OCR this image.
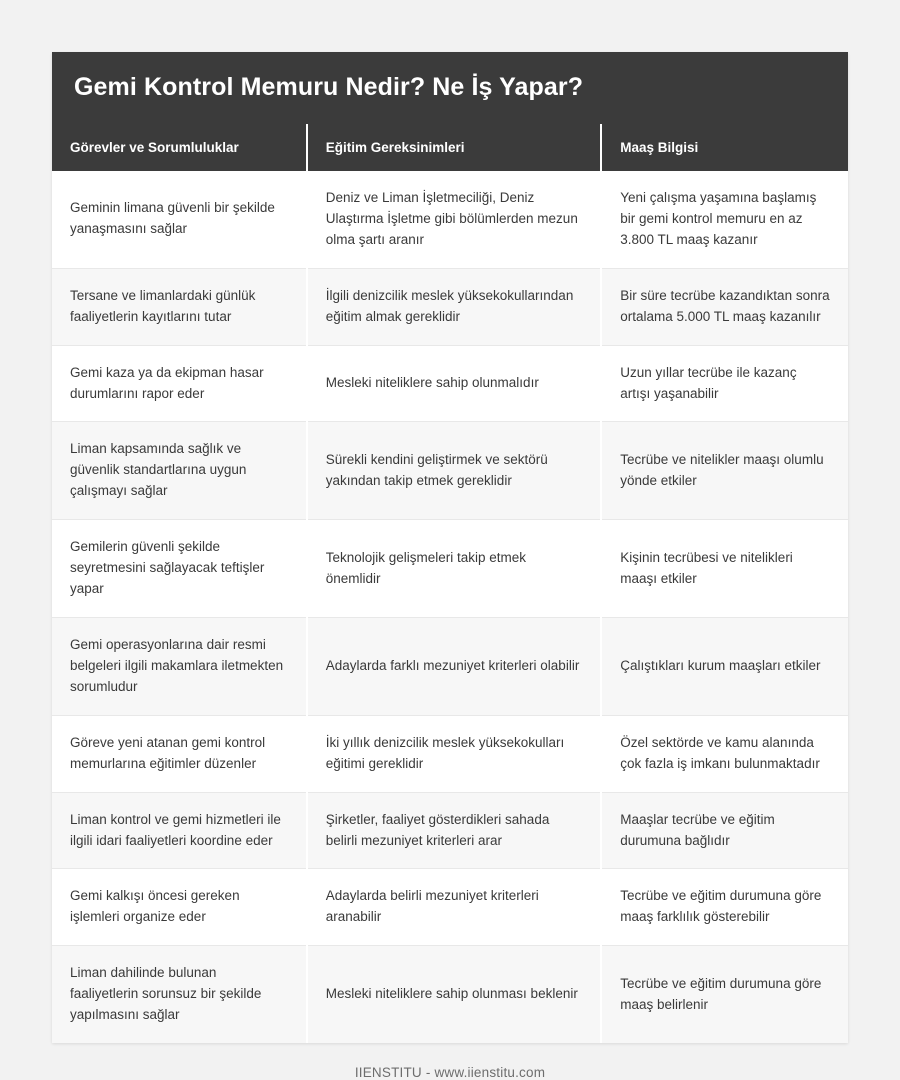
Gemi Kontrol Memuru Nedir? Ne İş Yapar?
Görevler ve Sorumluluklar	Eğitim Gereksinimleri	Maaş Bilgisi
Geminin limana güvenli bir şekilde yanaşmasını sağlar	Deniz ve Liman İşletmeciliği, Deniz Ulaştırma İşletme gibi bölümlerden mezun olma şartı aranır	Yeni çalışma yaşamına başlamış bir gemi kontrol memuru en az 3.800 TL maaş kazanır
Tersane ve limanlardaki günlük faaliyetlerin kayıtlarını tutar	İlgili denizcilik meslek yüksekokullarından eğitim almak gereklidir	Bir süre tecrübe kazandıktan sonra ortalama 5.000 TL maaş kazanılır
Gemi kaza ya da ekipman hasar durumlarını rapor eder	Mesleki niteliklere sahip olunmalıdır	Uzun yıllar tecrübe ile kazanç artışı yaşanabilir
Liman kapsamında sağlık ve güvenlik standartlarına uygun çalışmayı sağlar	Sürekli kendini geliştirmek ve sektörü yakından takip etmek gereklidir	Tecrübe ve nitelikler maaşı olumlu yönde etkiler
Gemilerin güvenli şekilde seyretmesini sağlayacak teftişler yapar	Teknolojik gelişmeleri takip etmek önemlidir	Kişinin tecrübesi ve nitelikleri maaşı etkiler
Gemi operasyonlarına dair resmi belgeleri ilgili makamlara iletmekten sorumludur	Adaylarda farklı mezuniyet kriterleri olabilir	Çalıştıkları kurum maaşları etkiler
Göreve yeni atanan gemi kontrol memurlarına eğitimler düzenler	İki yıllık denizcilik meslek yüksekokulları eğitimi gereklidir	Özel sektörde ve kamu alanında çok fazla iş imkanı bulunmaktadır
Liman kontrol ve gemi hizmetleri ile ilgili idari faaliyetleri koordine eder	Şirketler, faaliyet gösterdikleri sahada belirli mezuniyet kriterleri arar	Maaşlar tecrübe ve eğitim durumuna bağlıdır
Gemi kalkışı öncesi gereken işlemleri organize eder	Adaylarda belirli mezuniyet kriterleri aranabilir	Tecrübe ve eğitim durumuna göre maaş farklılık gösterebilir
Liman dahilinde bulunan faaliyetlerin sorunsuz bir şekilde yapılmasını sağlar	Mesleki niteliklere sahip olunması beklenir	Tecrübe ve eğitim durumuna göre maaş belirlenir
IIENSTITU - www.iienstitu.com
